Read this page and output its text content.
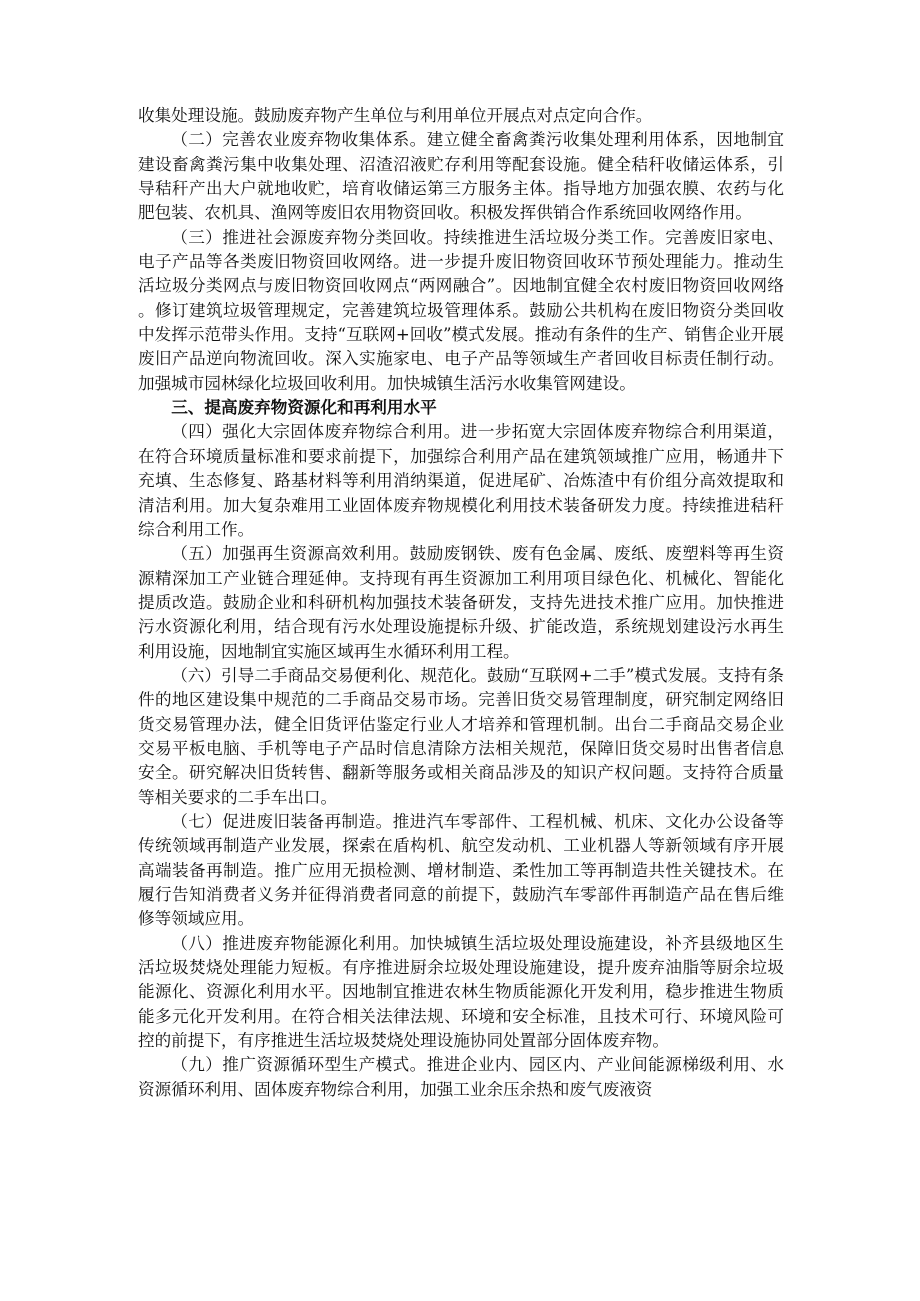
收集处理设施。鼓励废弃物产生单位与利用单位开展点对点定向合作。

（二）完善农业废弃物收集体系。建立健全畜禽粪污收集处理利用体系，因地制宜建设畜禽粪污集中收集处理、沼渣沼液贮存利用等配套设施。健全秸秆收储运体系，引导秸秆产出大户就地收贮，培育收储运第三方服务主体。指导地方加强农膜、农药与化肥包装、农机具、渔网等废旧农用物资回收。积极发挥供销合作系统回收网络作用。

（三）推进社会源废弃物分类回收。持续推进生活垃圾分类工作。完善废旧家电、电子产品等各类废旧物资回收网络。进一步提升废旧物资回收环节预处理能力。推动生活垃圾分类网点与废旧物资回收网点“两网融合”。因地制宜健全农村废旧物资回收网络。修订建筑垃圾管理规定，完善建筑垃圾管理体系。鼓励公共机构在废旧物资分类回收中发挥示范带头作用。支持“互联网+回收”模式发展。推动有条件的生产、销售企业开展废旧产品逆向物流回收。深入实施家电、电子产品等领域生产者回收目标责任制行动。加强城市园林绿化垃圾回收利用。加快城镇生活污水收集管网建设。

三、提高废弃物资源化和再利用水平

（四）强化大宗固体废弃物综合利用。进一步拓宽大宗固体废弃物综合利用渠道，在符合环境质量标准和要求前提下，加强综合利用产品在建筑领域推广应用，畅通井下充填、生态修复、路基材料等利用消纳渠道，促进尾矿、冶炼渣中有价组分高效提取和清洁利用。加大复杂难用工业固体废弃物规模化利用技术装备研发力度。持续推进秸秆综合利用工作。

（五）加强再生资源高效利用。鼓励废钢铁、废有色金属、废纸、废塑料等再生资源精深加工产业链合理延伸。支持现有再生资源加工利用项目绿色化、机械化、智能化提质改造。鼓励企业和科研机构加强技术装备研发，支持先进技术推广应用。加快推进污水资源化利用，结合现有污水处理设施提标升级、扩能改造，系统规划建设污水再生利用设施，因地制宜实施区域再生水循环利用工程。

（六）引导二手商品交易便利化、规范化。鼓励“互联网+二手”模式发展。支持有条件的地区建设集中规范的二手商品交易市场。完善旧货交易管理制度，研究制定网络旧货交易管理办法，健全旧货评估鉴定行业人才培养和管理机制。出台二手商品交易企业交易平板电脑、手机等电子产品时信息清除方法相关规范，保障旧货交易时出售者信息安全。研究解决旧货转售、翻新等服务或相关商品涉及的知识产权问题。支持符合质量等相关要求的二手车出口。

（七）促进废旧装备再制造。推进汽车零部件、工程机械、机床、文化办公设备等传统领域再制造产业发展，探索在盾构机、航空发动机、工业机器人等新领域有序开展高端装备再制造。推广应用无损检测、增材制造、柔性加工等再制造共性关键技术。在履行告知消费者义务并征得消费者同意的前提下，鼓励汽车零部件再制造产品在售后维修等领域应用。

（八）推进废弃物能源化利用。加快城镇生活垃圾处理设施建设，补齐县级地区生活垃圾焚烧处理能力短板。有序推进厨余垃圾处理设施建设，提升废弃油脂等厨余垃圾能源化、资源化利用水平。因地制宜推进农林生物质能源化开发利用，稳步推进生物质能多元化开发利用。在符合相关法律法规、环境和安全标准，且技术可行、环境风险可控的前提下，有序推进生活垃圾焚烧处理设施协同处置部分固体废弃物。

（九）推广资源循环型生产模式。推进企业内、园区内、产业间能源梯级利用、水资源循环利用、固体废弃物综合利用，加强工业余压余热和废气废液资
